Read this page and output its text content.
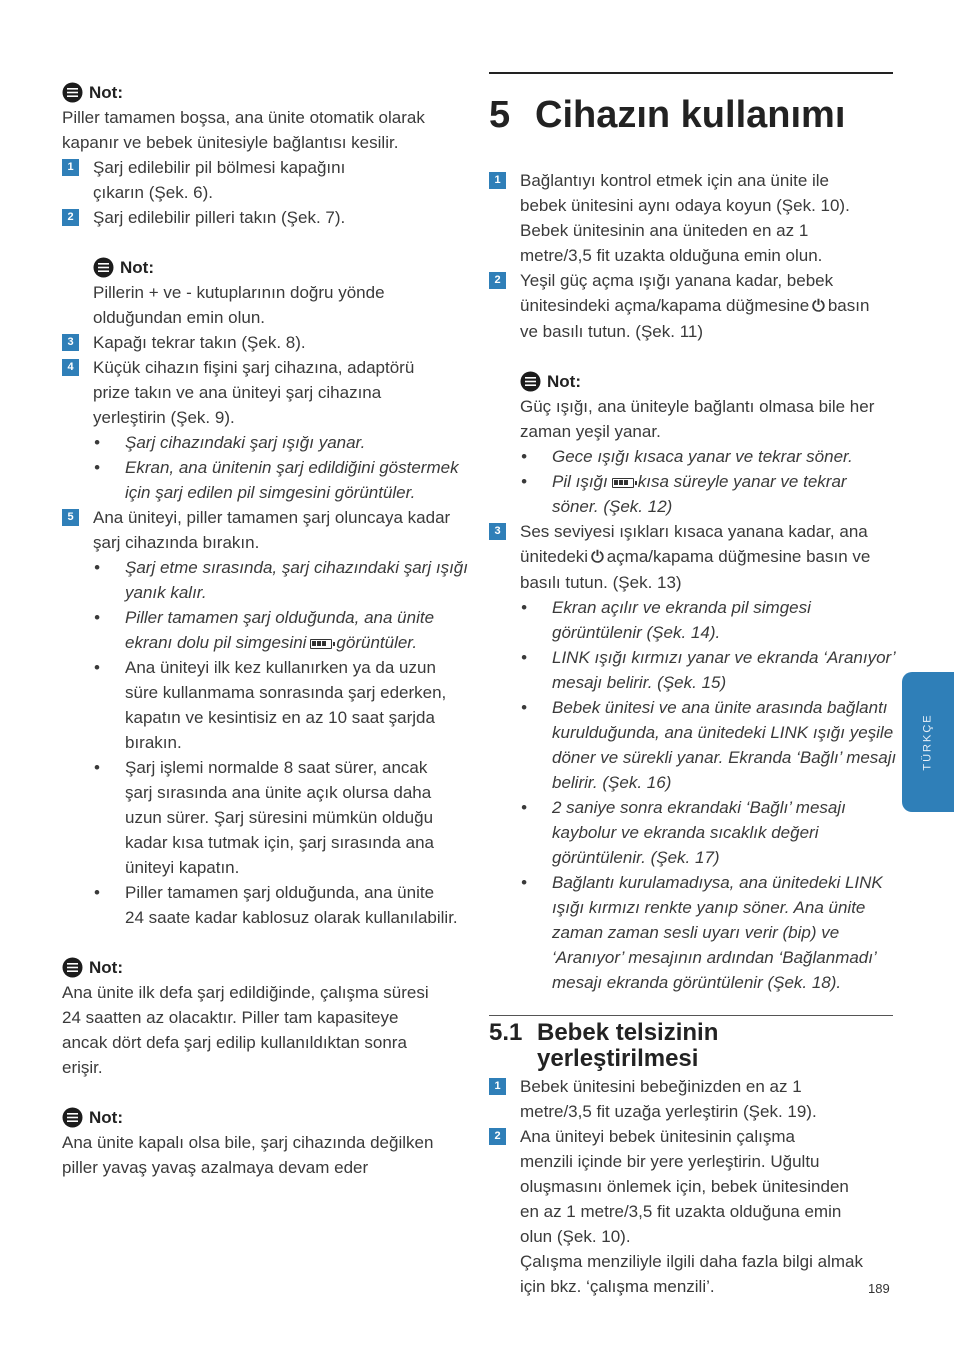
Not:
Piller tamamen boşsa, ana ünite otomatik olarak
kapanır ve bebek ünitesiyle bağlantısı kesilir.
1	Şarj edilebilir pil bölmesi kapağını
çıkarın (Şek. 6).
2	Şarj edilebilir pilleri takın (Şek. 7).
Not:
Pillerin + ve - kutuplarının doğru yönde
olduğundan emin olun.
3	Kapağı tekrar takın (Şek. 8).
4	Küçük cihazın fişini şarj cihazına, adaptörü
prize takın ve ana üniteyi şarj cihazına
yerleştirin (Şek. 9).
• Şarj cihazındaki şarj ışığı yanar.
• Ekran, ana ünitenin şarj edildiğini göstermek
için şarj edilen pil simgesini görüntüler.
5	Ana üniteyi, piller tamamen şarj oluncaya kadar
şarj cihazında bırakın.
• Şarj etme sırasında, şarj cihazındaki şarj ışığı
yanık kalır.
• Piller tamamen şarj olduğunda, ana ünite
ekranı dolu pil simgesini görüntüler.
• Ana üniteyi ilk kez kullanırken ya da uzun
süre kullanmama sonrasında şarj ederken,
kapatın ve kesintisiz en az 10 saat şarjda
bırakın.
• Şarj işlemi normalde 8 saat sürer, ancak
şarj sırasında ana ünite açık olursa daha
uzun sürer. Şarj süresini mümkün olduğu
kadar kısa tutmak için, şarj sırasında ana
üniteyi kapatın.
• Piller tamamen şarj olduğunda, ana ünite
24 saate kadar kablosuz olarak kullanılabilir.
Not:
Ana ünite ilk defa şarj edildiğinde, çalışma süresi
24 saatten az olacaktır. Piller tam kapasiteye
ancak dört defa şarj edilip kullanıldıktan sonra
erişir.
Not:
Ana ünite kapalı olsa bile, şarj cihazında değilken
piller yavaş yavaş azalmaya devam eder
5 Cihazın kullanımı
1	Bağlantıyı kontrol etmek için ana ünite ile
bebek ünitesini aynı odaya koyun (Şek. 10).
Bebek ünitesinin ana üniteden en az 1
metre/3,5 fit uzakta olduğuna emin olun.
2	Yeşil güç açma ışığı yanana kadar, bebek
ünitesindeki açma/kapama düğmesine ⏻ basın
ve basılı tutun. (Şek. 11)
Not:
Güç ışığı, ana üniteyle bağlantı olmasa bile her
zaman yeşil yanar.
• Gece ışığı kısaca yanar ve tekrar söner.
• Pil ışığı kısa süreyle yanar ve tekrar
söner. (Şek. 12)
3	Ses seviyesi ışıkları kısaca yanana kadar, ana
ünitedeki ⏻ açma/kapama düğmesine basın ve
basılı tutun. (Şek. 13)
• Ekran açılır ve ekranda pil simgesi
görüntülenir (Şek. 14).
• LINK ışığı kırmızı yanar ve ekranda ‘Aranıyor’
mesajı belirir. (Şek. 15)
• Bebek ünitesi ve ana ünite arasında bağlantı
kurulduğunda, ana ünitedeki LINK ışığı yeşile
döner ve sürekli yanar. Ekranda ‘Bağlı’ mesajı
belirir. (Şek. 16)
• 2 saniye sonra ekrandaki ‘Bağlı’ mesajı
kaybolur ve ekranda sıcaklık değeri
görüntülenir. (Şek. 17)
• Bağlantı kurulamadıysa, ana ünitedeki LINK
ışığı kırmızı renkte yanıp söner. Ana ünite
zaman zaman sesli uyarı verir (bip) ve
‘Aranıyor’ mesajının ardından ‘Bağlanmadı’
mesajı ekranda görüntülenir (Şek. 18).
5.1 Bebek telsizinin
yerleştirilmesi
1	Bebek ünitesini bebeğinizden en az 1
metre/3,5 fit uzağa yerleştirin (Şek. 19).
2	Ana üniteyi bebek ünitesinin çalışma
menzili içinde bir yere yerleştirin. Uğultu
oluşmasını önlemek için, bebek ünitesinden
en az 1 metre/3,5 fit uzakta olduğuna emin
olun (Şek. 10).
Çalışma menziliyle ilgili daha fazla bilgi almak
için bkz. ‘çalışma menzili’.
TÜRKÇE
189
